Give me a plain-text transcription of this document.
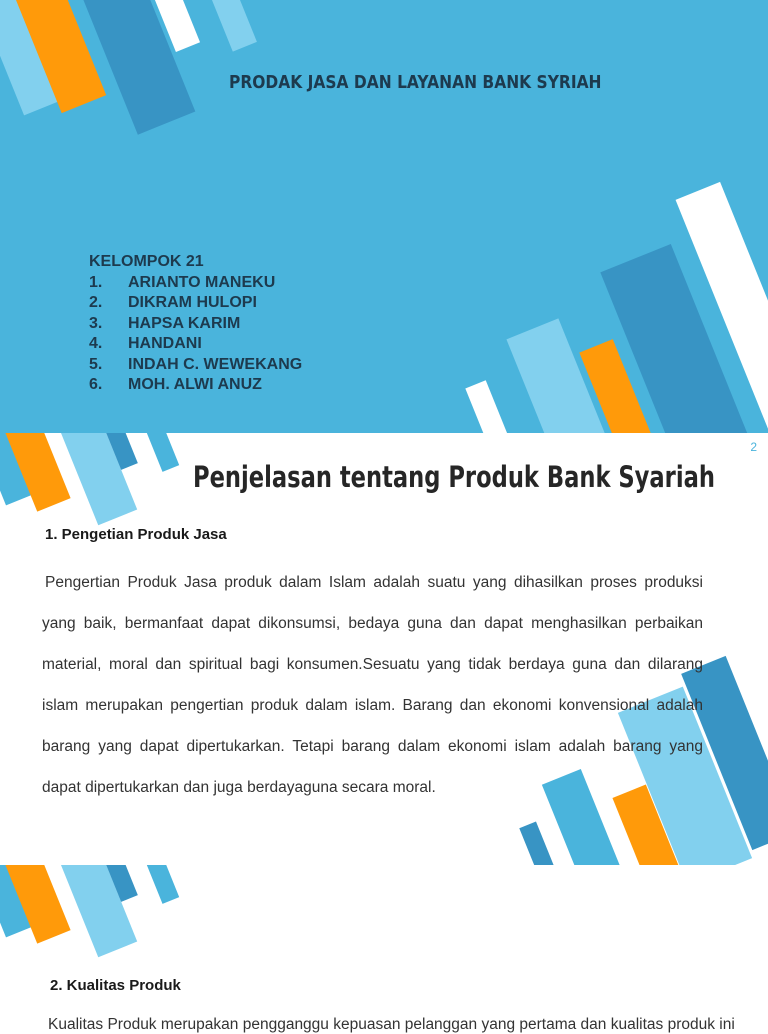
PRODAK JASA DAN LAYANAN BANK SYRIAH

KELOMPOK 21

1.	ARIANTO MANEKU
2.	DIKRAM HULOPI
3.	HAPSA KARIM
4.	HANDANI
5.	INDAH C. WEWEKANG
6.	MOH. ALWI ANUZ

2

Penjelasan tentang Produk Bank Syariah
1. Pengetian Produk Jasa

Pengertian Produk Jasa produk dalam Islam adalah suatu yang dihasilkan proses produksi yang baik, bermanfaat dapat dikonsumsi, bedaya guna dan dapat menghasilkan perbaikan material, moral dan spiritual bagi konsumen.Sesuatu yang tidak berdaya guna dan dilarang islam merupakan pengertian produk dalam islam. Barang dan ekonomi konvensional adalah barang yang dapat dipertukarkan. Tetapi barang dalam ekonomi islam adalah barang yang dapat dipertukarkan dan juga berdayaguna secara moral.

2. Kualitas Produk

Kualitas Produk merupakan pengganggu kepuasan pelanggan yang pertama dan kualitas produk ini
